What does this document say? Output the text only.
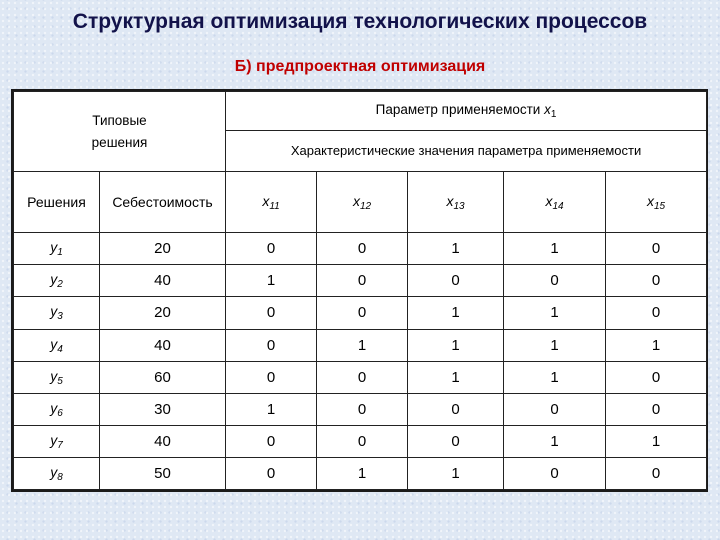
Структурная оптимизация технологических процессов
Б) предпроектная оптимизация
Типовые
решения		Параметр применяемости $x_1$
		Характеристические значения параметра применяемости				
Решения	Себестоимость	$x_{11}$	$x_{12}$	$x_{13}$	$x_{14}$	$x_{15}$
$y_1$	20	0	0	1	1	0
$y_2$	40	1	0	0	0	0
$y_3$	20	0	0	1	1	0
$y_4$	40	0	1	1	1	1
$y_5$	60	0	0	1	1	0
$y_6$	30	1	0	0	0	0
$y_7$	40	0	0	0	1	1
$y_8$	50	0	1	1	0	0
